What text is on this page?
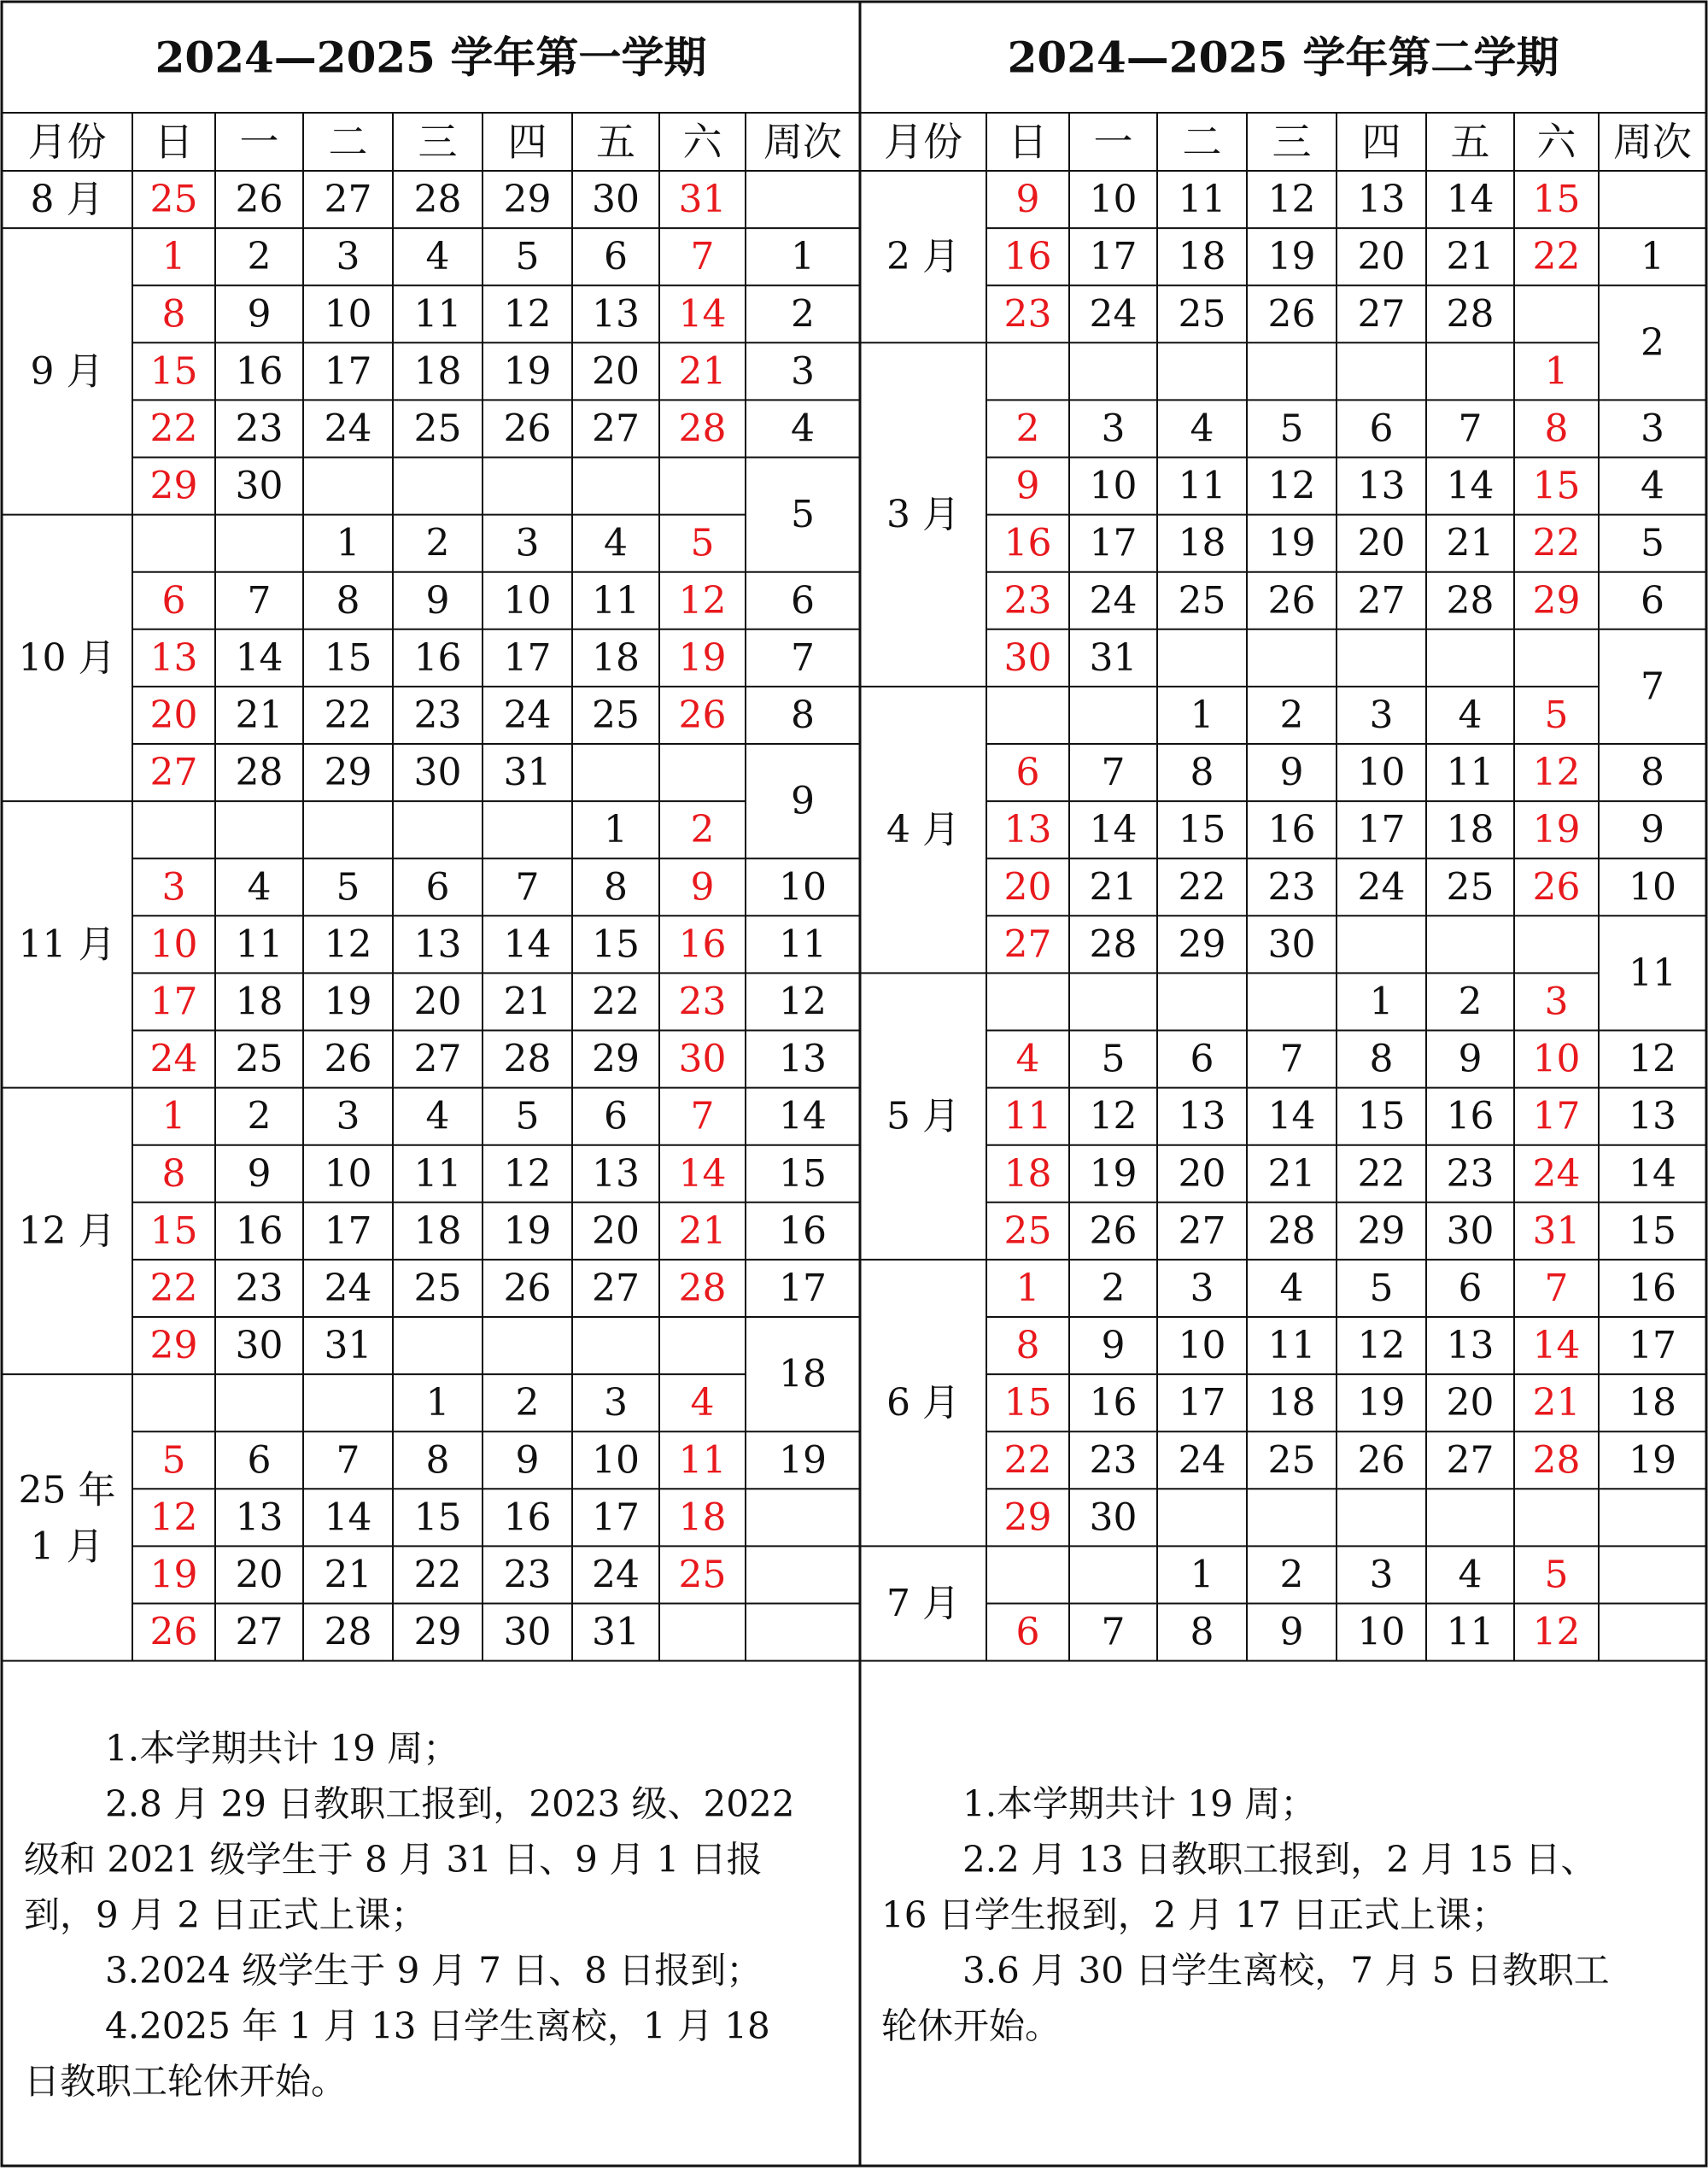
2024—2025 学年第一学期
月份 日 一 二 三 四 五 六 周次
8 月
9 月
10 月
11 月
12 月
25 年
1 月
1
2
3
4
5
6
7
8
9
10
11
12
13
14
15
16
17
18
19
25 26 27 28 29 30 31
1 2 3 4 5 6 7
8 9 10 11 12 13 14
15 16 17 18 19 20 21
22 23 24 25 26 27 28
29 30
1 2 3 4 5
6 7 8 9 10 11 12
13 14 15 16 17 18 19
20 21 22 23 24 25 26
27 28 29 30 31
1 2
3 4 5 6 7 8 9
10 11 12 13 14 15 16
17 18 19 20 21 22 23
24 25 26 27 28 29 30
1 2 3 4 5 6 7
8 9 10 11 12 13 14
15 16 17 18 19 20 21
22 23 24 25 26 27 28
29 30 31
1 2 3 4
5 6 7 8 9 10 11
12 13 14 15 16 17 18
19 20 21 22 23 24 25
26 27 28 29 30 31
2024—2025 学年第二学期
月份 日 一 二 三 四 五 六 周次
2 月
3 月
4 月
5 月
6 月
7 月
1
2
3
4
5
6
7
8
9
10
11
12
13
14
15
16
17
18
19
9 10 11 12 13 14 15
16 17 18 19 20 21 22
23 24 25 26 27 28
1
2 3 4 5 6 7 8
9 10 11 12 13 14 15
16 17 18 19 20 21 22
23 24 25 26 27 28 29
30 31
1 2 3 4 5
6 7 8 9 10 11 12
13 14 15 16 17 18 19
20 21 22 23 24 25 26
27 28 29 30
1 2 3
4 5 6 7 8 9 10
11 12 13 14 15 16 17
18 19 20 21 22 23 24
25 26 27 28 29 30 31
1 2 3 4 5 6 7
8 9 10 11 12 13 14
15 16 17 18 19 20 21
22 23 24 25 26 27 28
29 30
1 2 3 4 5
6 7 8 9 10 11 12
1.本学期共计 19 周；
2.8 月 29 日教职工报到，2023 级、2022
级和 2021 级学生于 8 月 31 日、9 月 1 日报
到，9 月 2 日正式上课；
3.2024 级学生于 9 月 7 日、8 日报到；
4.2025 年 1 月 13 日学生离校，1 月 18
日教职工轮休开始。
1.本学期共计 19 周；
2.2 月 13 日教职工报到，2 月 15 日、
16 日学生报到，2 月 17 日正式上课；
3.6 月 30 日学生离校，7 月 5 日教职工
轮休开始。
